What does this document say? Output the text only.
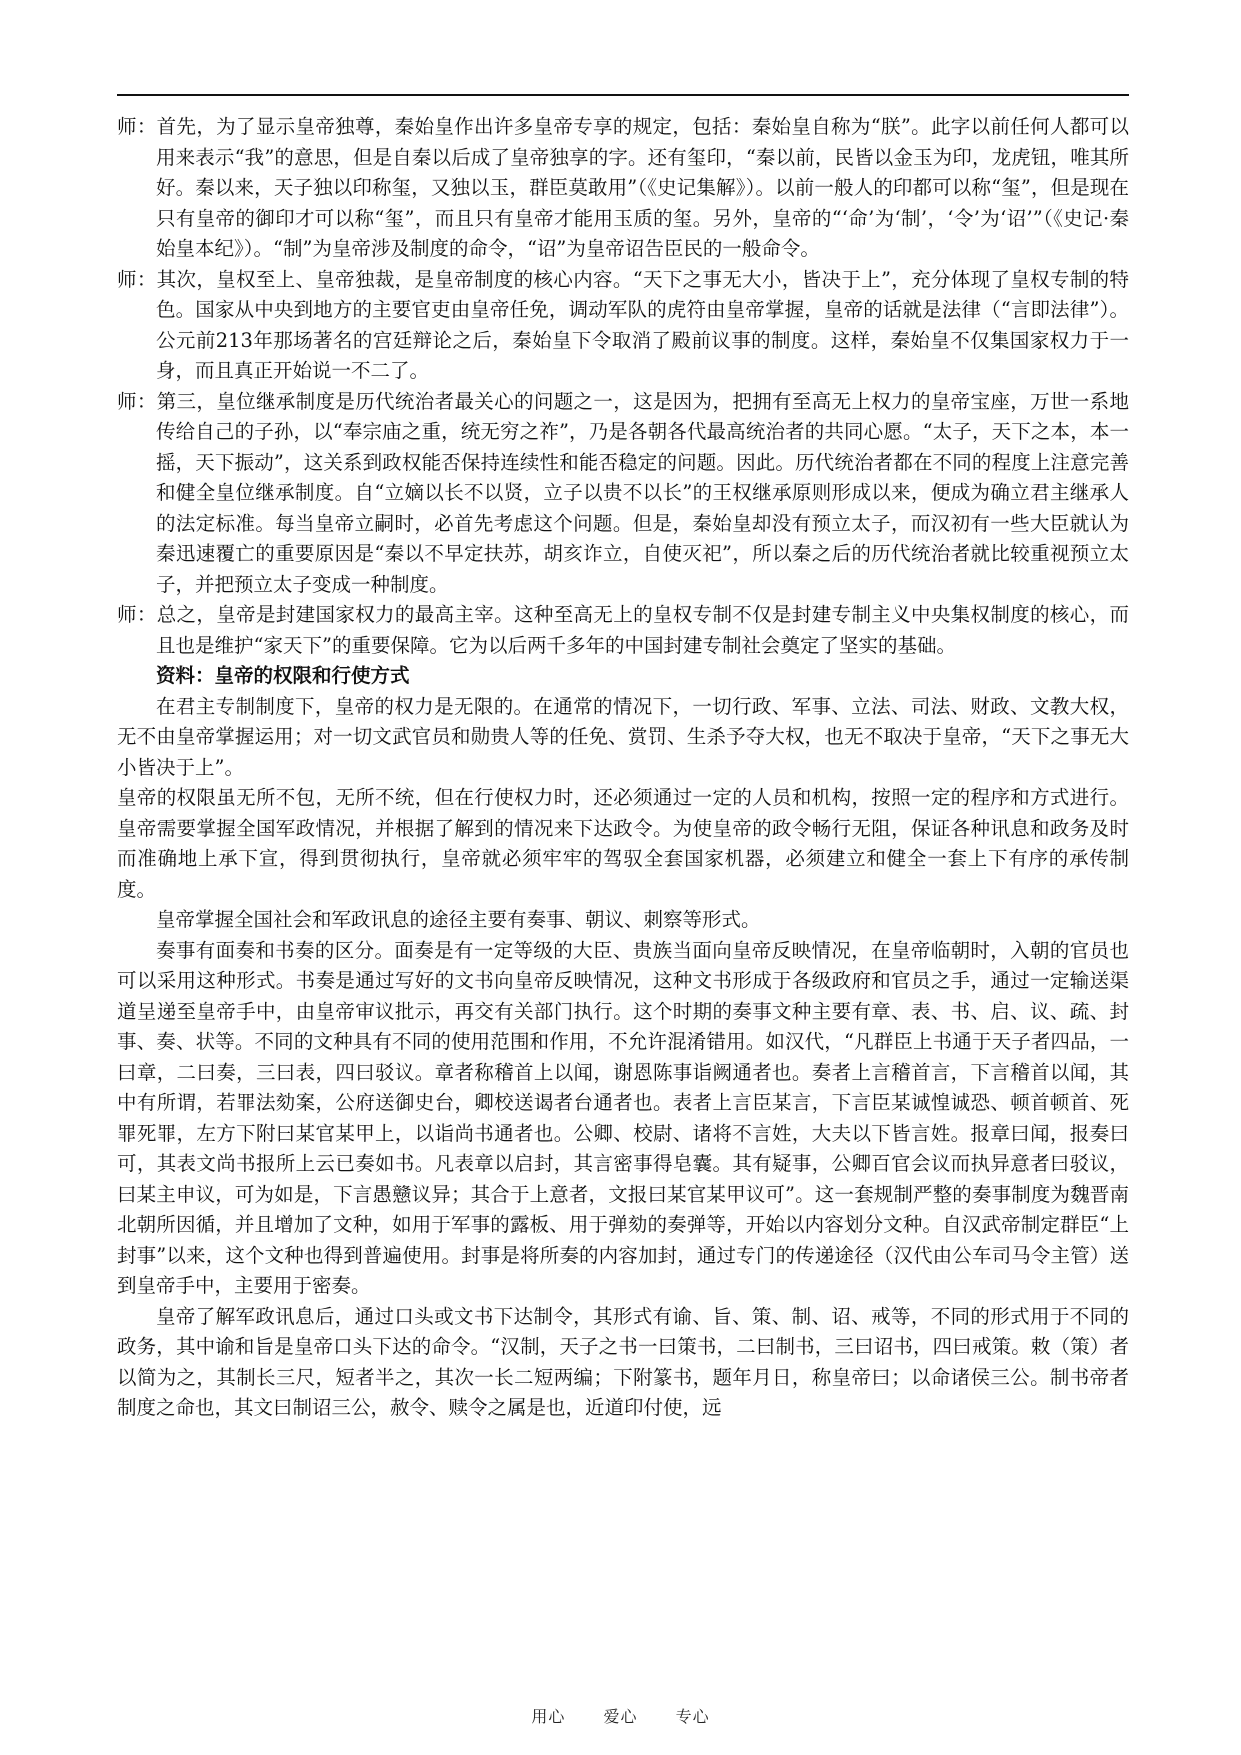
师：首先，为了显示皇帝独尊，秦始皇作出许多皇帝专享的规定，包括：秦始皇自称为“朕”。此字以前任何人都可以用来表示“我”的意思，但是自秦以后成了皇帝独享的字。还有玺印，“秦以前，民皆以金玉为印，龙虎钮，唯其所好。秦以来，天子独以印称玺，又独以玉，群臣莫敢用”（《史记集解》）。以前一般人的印都可以称“玺”，但是现在只有皇帝的御印才可以称“玺”，而且只有皇帝才能用玉质的玺。另外，皇帝的“‘命’为‘制’，‘令’为‘诏’”（《史记·秦始皇本纪》）。“制”为皇帝涉及制度的命令，“诏”为皇帝诏告臣民的一般命令。

师：其次，皇权至上、皇帝独裁，是皇帝制度的核心内容。“天下之事无大小，皆决于上”，充分体现了皇权专制的特色。国家从中央到地方的主要官吏由皇帝任免，调动军队的虎符由皇帝掌握，皇帝的话就是法律（“言即法律”）。公元前213年那场著名的宫廷辩论之后，秦始皇下令取消了殿前议事的制度。这样，秦始皇不仅集国家权力于一身，而且真正开始说一不二了。

师：第三，皇位继承制度是历代统治者最关心的问题之一，这是因为，把拥有至高无上权力的皇帝宝座，万世一系地传给自己的子孙，以“奉宗庙之重，统无穷之祚”，乃是各朝各代最高统治者的共同心愿。“太子，天下之本，本一摇，天下振动”，这关系到政权能否保持连续性和能否稳定的问题。因此。历代统治者都在不同的程度上注意完善和健全皇位继承制度。自“立嫡以长不以贤，立子以贵不以长”的王权继承原则形成以来，便成为确立君主继承人的法定标准。每当皇帝立嗣时，必首先考虑这个问题。但是，秦始皇却没有预立太子，而汉初有一些大臣就认为秦迅速覆亡的重要原因是“秦以不早定扶苏，胡亥诈立，自使灭祀”，所以秦之后的历代统治者就比较重视预立太子，并把预立太子变成一种制度。

师：总之，皇帝是封建国家权力的最高主宰。这种至高无上的皇权专制不仅是封建专制主义中央集权制度的核心，而且也是维护“家天下”的重要保障。它为以后两千多年的中国封建专制社会奠定了坚实的基础。

资料：皇帝的权限和行使方式

在君主专制制度下，皇帝的权力是无限的。在通常的情况下，一切行政、军事、立法、司法、财政、文教大权，无不由皇帝掌握运用；对一切文武官员和勋贵人等的任免、赏罚、生杀予夺大权，也无不取决于皇帝，“天下之事无大小皆决于上”。

皇帝的权限虽无所不包，无所不统，但在行使权力时，还必须通过一定的人员和机构，按照一定的程序和方式进行。皇帝需要掌握全国军政情况，并根据了解到的情况来下达政令。为使皇帝的政令畅行无阻，保证各种讯息和政务及时而准确地上承下宣，得到贯彻执行，皇帝就必须牢牢的驾驭全套国家机器，必须建立和健全一套上下有序的承传制度。

皇帝掌握全国社会和军政讯息的途径主要有奏事、朝议、刺察等形式。

奏事有面奏和书奏的区分。面奏是有一定等级的大臣、贵族当面向皇帝反映情况，在皇帝临朝时，入朝的官员也可以采用这种形式。书奏是通过写好的文书向皇帝反映情况，这种文书形成于各级政府和官员之手，通过一定输送渠道呈递至皇帝手中，由皇帝审议批示，再交有关部门执行。这个时期的奏事文种主要有章、表、书、启、议、疏、封事、奏、状等。不同的文种具有不同的使用范围和作用，不允许混淆错用。如汉代，“凡群臣上书通于天子者四品，一曰章，二曰奏，三曰表，四曰驳议。章者称稽首上以闻，谢恩陈事诣阙通者也。奏者上言稽首言，下言稽首以闻，其中有所谓，若罪法劾案，公府送御史台，卿校送谒者台通者也。表者上言臣某言，下言臣某诚惶诚恐、顿首顿首、死罪死罪，左方下附曰某官某甲上，以诣尚书通者也。公卿、校尉、诸将不言姓，大夫以下皆言姓。报章曰闻，报奏曰可，其表文尚书报所上云已奏如书。凡表章以启封，其言密事得皂囊。其有疑事，公卿百官会议而执异意者曰驳议，曰某主申议，可为如是，下言愚戆议异；其合于上意者，文报曰某官某甲议可”。这一套规制严整的奏事制度为魏晋南北朝所因循，并且增加了文种，如用于军事的露板、用于弹劾的奏弹等，开始以内容划分文种。自汉武帝制定群臣“上封事”以来，这个文种也得到普遍使用。封事是将所奏的内容加封，通过专门的传递途径（汉代由公车司马令主管）送到皇帝手中，主要用于密奏。

皇帝了解军政讯息后，通过口头或文书下达制令，其形式有谕、旨、策、制、诏、戒等，不同的形式用于不同的政务，其中谕和旨是皇帝口头下达的命令。“汉制，天子之书一曰策书，二曰制书，三曰诏书，四曰戒策。敕（策）者以简为之，其制长三尺，短者半之，其次一长二短两编；下附篆书，题年月日，称皇帝曰；以命诸侯三公。制书帝者制度之命也，其文曰制诏三公，赦令、赎令之属是也，近道印付使，远

用心 爱心 专心
